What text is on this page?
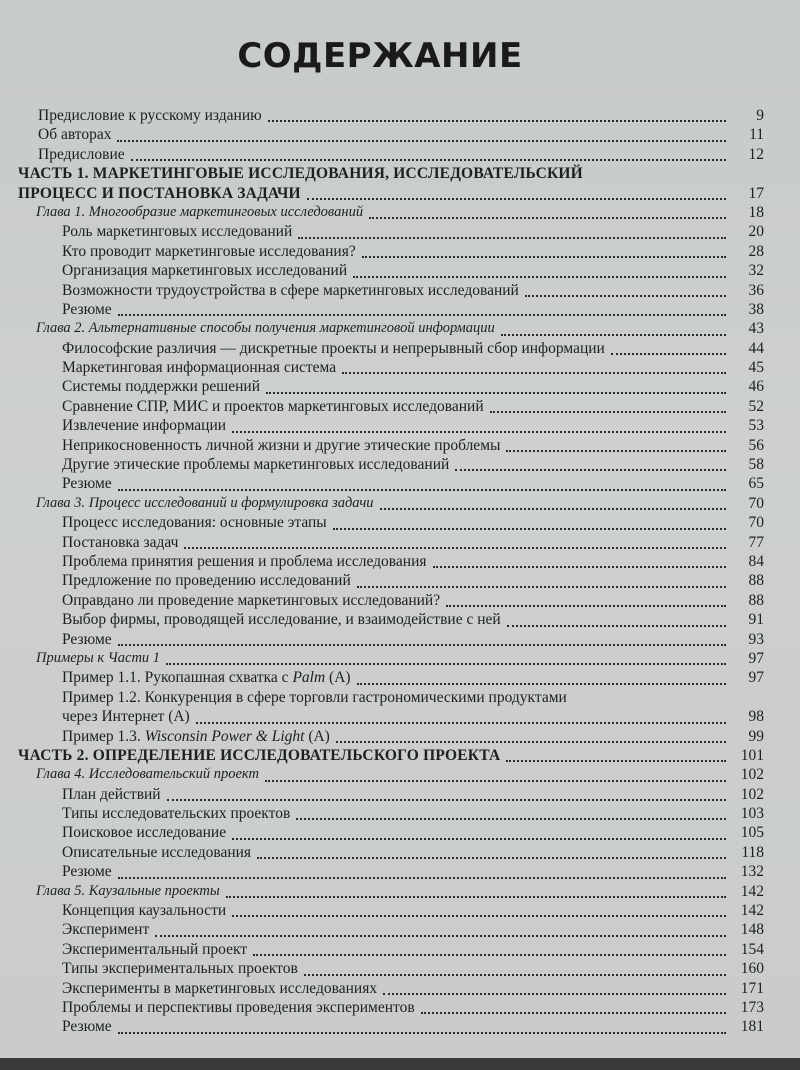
СОДЕРЖАНИЕ
Предисловие к русскому изданию	9
Об авторах	11
Предисловие	12
ЧАСТЬ 1. МАРКЕТИНГОВЫЕ ИССЛЕДОВАНИЯ, ИССЛЕДОВАТЕЛЬСКИЙ
ПРОЦЕСС И ПОСТАНОВКА ЗАДАЧИ	17
Глава 1. Многообразие маркетинговых исследований	18
Роль маркетинговых исследований	20
Кто проводит маркетинговые исследования?	28
Организация маркетинговых исследований	32
Возможности трудоустройства в сфере маркетинговых исследований	36
Резюме	38
Глава 2. Альтернативные способы получения маркетинговой информации	43
Философские различия — дискретные проекты и непрерывный сбор информации	44
Маркетинговая информационная система	45
Системы поддержки решений	46
Сравнение СПР, МИС и проектов маркетинговых исследований	52
Извлечение информации	53
Неприкосновенность личной жизни и другие этические проблемы	56
Другие этические проблемы маркетинговых исследований	58
Резюме	65
Глава 3. Процесс исследований и формулировка задачи	70
Процесс исследования: основные этапы	70
Постановка задач	77
Проблема принятия решения и проблема исследования	84
Предложение по проведению исследований	88
Оправдано ли проведение маркетинговых исследований?	88
Выбор фирмы, проводящей исследование, и взаимодействие с ней	91
Резюме	93
Примеры к Части 1	97
Пример 1.1. Рукопашная схватка с Palm (A)	97
Пример 1.2. Конкуренция в сфере торговли гастрономическими продуктами
через Интернет (A)	98
Пример 1.3. Wisconsin Power & Light (A)	99
ЧАСТЬ 2. ОПРЕДЕЛЕНИЕ ИССЛЕДОВАТЕЛЬСКОГО ПРОЕКТА	101
Глава 4. Исследовательский проект	102
План действий	102
Типы исследовательских проектов	103
Поисковое исследование	105
Описательные исследования	118
Резюме	132
Глава 5. Каузальные проекты	142
Концепция каузальности	142
Эксперимент	148
Экспериментальный проект	154
Типы экспериментальных проектов	160
Эксперименты в маркетинговых исследованиях	171
Проблемы и перспективы проведения экспериментов	173
Резюме	181
